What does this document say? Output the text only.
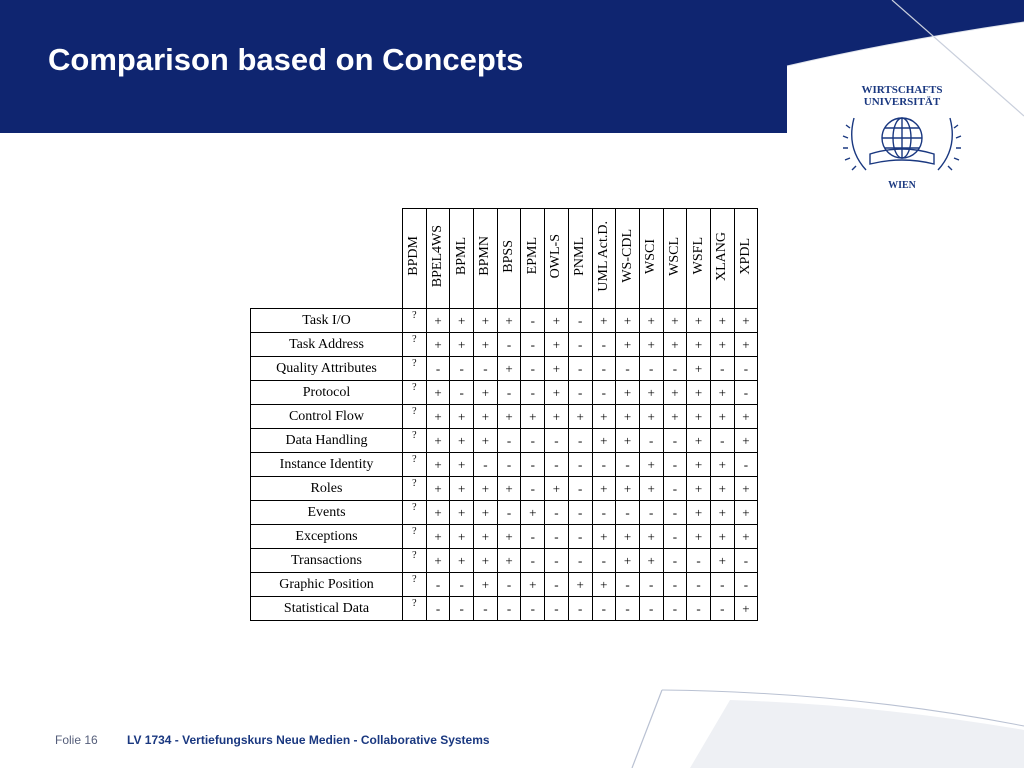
Comparison based on Concepts
WIRTSCHAFTS
UNIVERSITÄT
WIEN
	BPDM	BPEL4WS	BPML	BPMN	BPSS	EPML	OWL-S	PNML	UML Act.D.	WS-CDL	WSCI	WSCL	WSFL	XLANG	XPDL
Task I/O	?	+	+	+	+	-	+	-	+	+	+	+	+	+	+
Task Address	?	+	+	+	-	-	+	-	-	+	+	+	+	+	+
Quality Attributes	?	-	-	-	+	-	+	-	-	-	-	-	+	-	-
Protocol	?	+	-	+	-	-	+	-	-	+	+	+	+	+	-
Control Flow	?	+	+	+	+	+	+	+	+	+	+	+	+	+	+
Data Handling	?	+	+	+	-	-	-	-	+	+	-	-	+	-	+
Instance Identity	?	+	+	-	-	-	-	-	-	-	+	-	+	+	-
Roles	?	+	+	+	+	-	+	-	+	+	+	-	+	+	+
Events	?	+	+	+	-	+	-	-	-	-	-	-	+	+	+
Exceptions	?	+	+	+	+	-	-	-	+	+	+	-	+	+	+
Transactions	?	+	+	+	+	-	-	-	-	+	+	-	-	+	-
Graphic Position	?	-	-	+	-	+	-	+	+	-	-	-	-	-	-
Statistical Data	?	-	-	-	-	-	-	-	-	-	-	-	-	-	+
Folie 16 LV 1734 - Vertiefungskurs Neue Medien - Collaborative Systems
